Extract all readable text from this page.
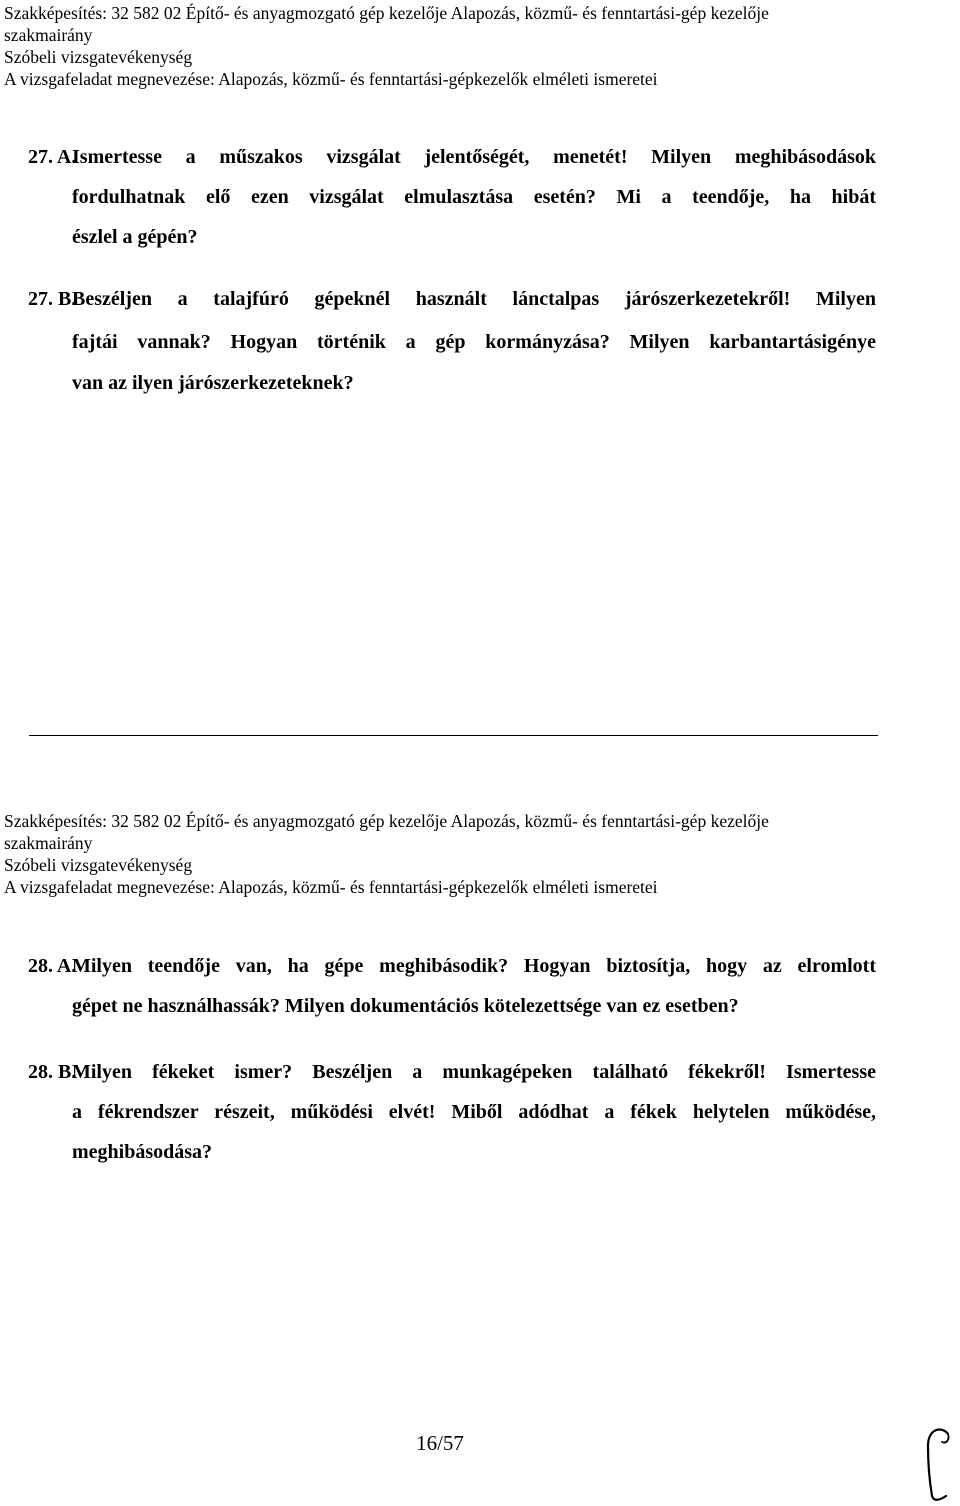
Szakképesítés: 32 582 02 Építő- és anyagmozgató gép kezelője Alapozás, közmű- és fenntartási-gép kezelője
szakmairány
Szóbeli vizsgatevékenység
A vizsgafeladat megnevezése: Alapozás, közmű- és fenntartási-gépkezelők elméleti ismeretei
27. A.
Ismertesse a műszakos vizsgálat jelentőségét, menetét! Milyen meghibásodások
fordulhatnak elő ezen vizsgálat elmulasztása esetén? Mi a teendője, ha hibát
észlel a gépén?
27. B.
Beszéljen a talajfúró gépeknél használt lánctalpas járószerkezetekről! Milyen
fajtái vannak? Hogyan történik a gép kormányzása? Milyen karbantartásigénye
van az ilyen járószerkezeteknek?
Szakképesítés: 32 582 02 Építő- és anyagmozgató gép kezelője Alapozás, közmű- és fenntartási-gép kezelője
szakmairány
Szóbeli vizsgatevékenység
A vizsgafeladat megnevezése: Alapozás, közmű- és fenntartási-gépkezelők elméleti ismeretei
28. A.
Milyen teendője van, ha gépe meghibásodik? Hogyan biztosítja, hogy az elromlott
gépet ne használhassák? Milyen dokumentációs kötelezettsége van ez esetben?
28. B.
Milyen fékeket ismer? Beszéljen a munkagépeken található fékekről! Ismertesse
a fékrendszer részeit, működési elvét! Miből adódhat a fékek helytelen működése,
meghibásodása?
16/57
